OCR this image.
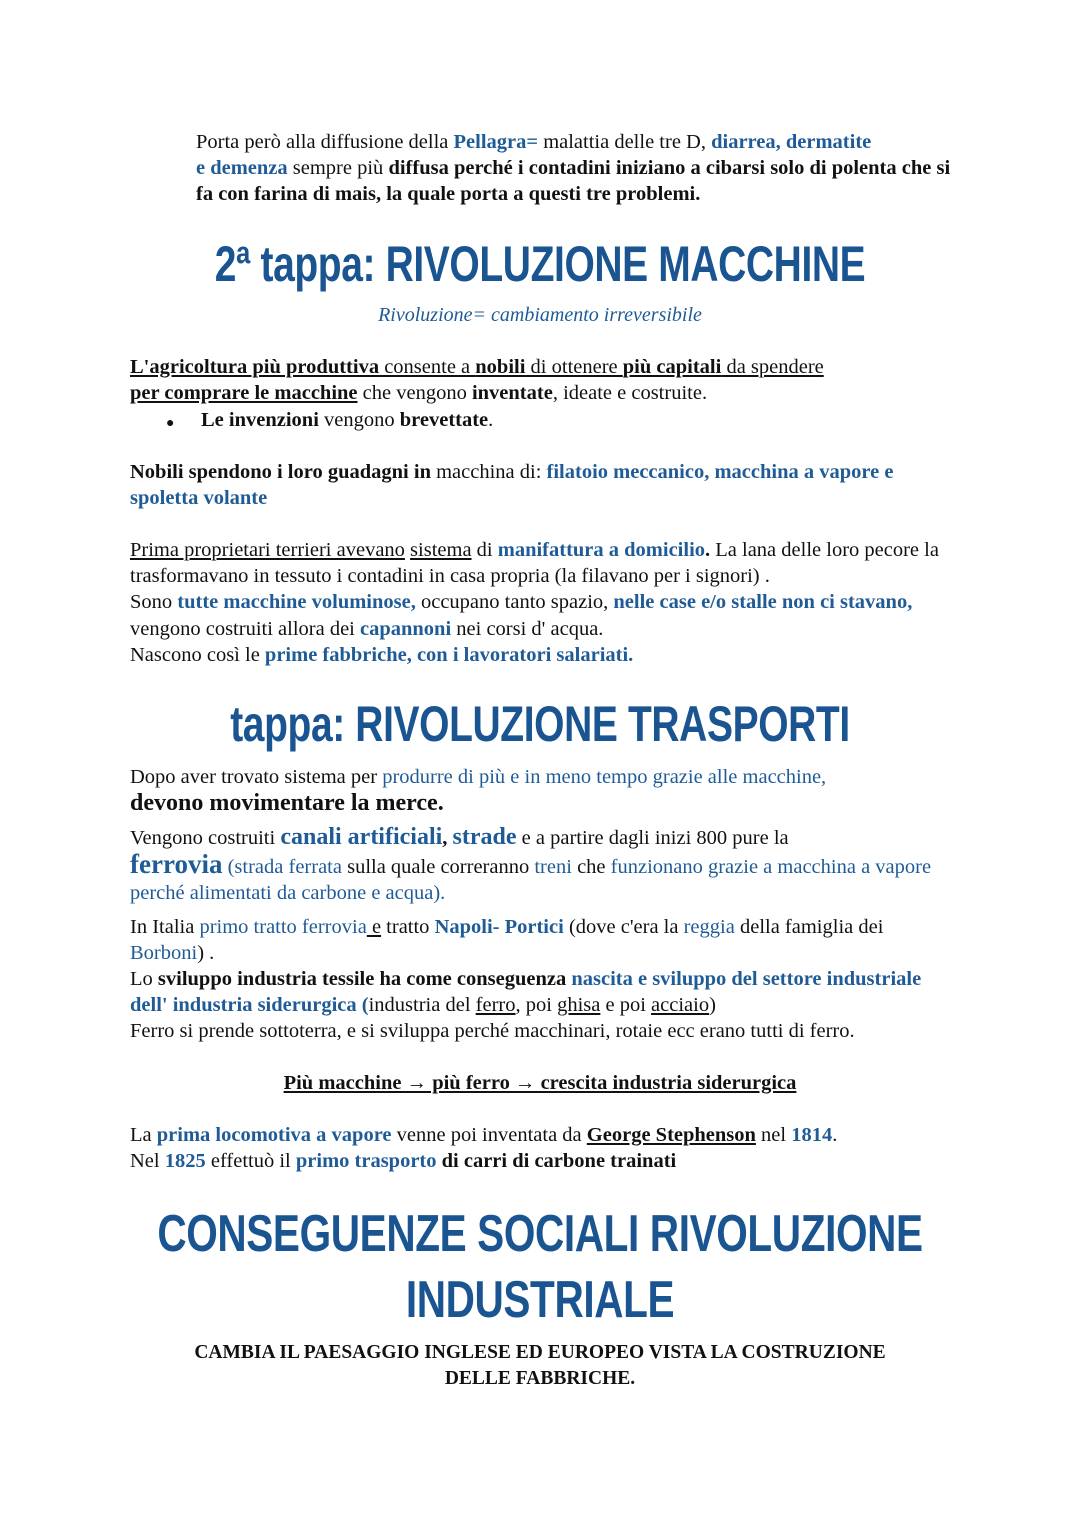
Porta però alla diffusione della Pellagra= malattia delle tre D, diarrea, dermatite
e demenza sempre più diffusa perché i contadini iniziano a cibarsi solo di polenta che si fa con farina di mais, la quale porta a questi tre problemi.
2ª tappa: RIVOLUZIONE MACCHINE
Rivoluzione= cambiamento irreversibile
L'agricoltura più produttiva consente a nobili di ottenere più capitali da spendere
per comprare le macchine che vengono inventate, ideate e costruite.
● Le invenzioni vengono brevettate.
Nobili spendono i loro guadagni in macchina di: filatoio meccanico, macchina a vapore e spoletta volante
Prima proprietari terrieri avevano sistema di manifattura a domicilio. La lana delle loro pecore la trasformavano in tessuto i contadini in casa propria (la filavano per i signori) .
Sono tutte macchine voluminose, occupano tanto spazio, nelle case e/o stalle non ci stavano, vengono costruiti allora dei capannoni nei corsi d' acqua.
Nascono così le prime fabbriche, con i lavoratori salariati.
tappa: RIVOLUZIONE TRASPORTI
Dopo aver trovato sistema per produrre di più e in meno tempo grazie alle macchine,
devono movimentare la merce.
Vengono costruiti canali artificiali, strade e a partire dagli inizi 800 pure la
ferrovia (strada ferrata sulla quale correranno treni che funzionano grazie a macchina a vapore perché alimentati da carbone e acqua).
In Italia primo tratto ferrovia e tratto Napoli- Portici (dove c'era la reggia della famiglia dei Borboni) .
Lo sviluppo industria tessile ha come conseguenza nascita e sviluppo del settore industriale dell' industria siderurgica (industria del ferro, poi ghisa e poi acciaio)
Ferro si prende sottoterra, e si sviluppa perché macchinari, rotaie ecc erano tutti di ferro.
Più macchine → più ferro → crescita industria siderurgica
La prima locomotiva a vapore venne poi inventata da George Stephenson nel 1814.
Nel 1825 effettuò il primo trasporto di carri di carbone trainati
CONSEGUENZE SOCIALI RIVOLUZIONE
INDUSTRIALE
CAMBIA IL PAESAGGIO INGLESE ED EUROPEO VISTA LA COSTRUZIONE
DELLE FABBRICHE.
